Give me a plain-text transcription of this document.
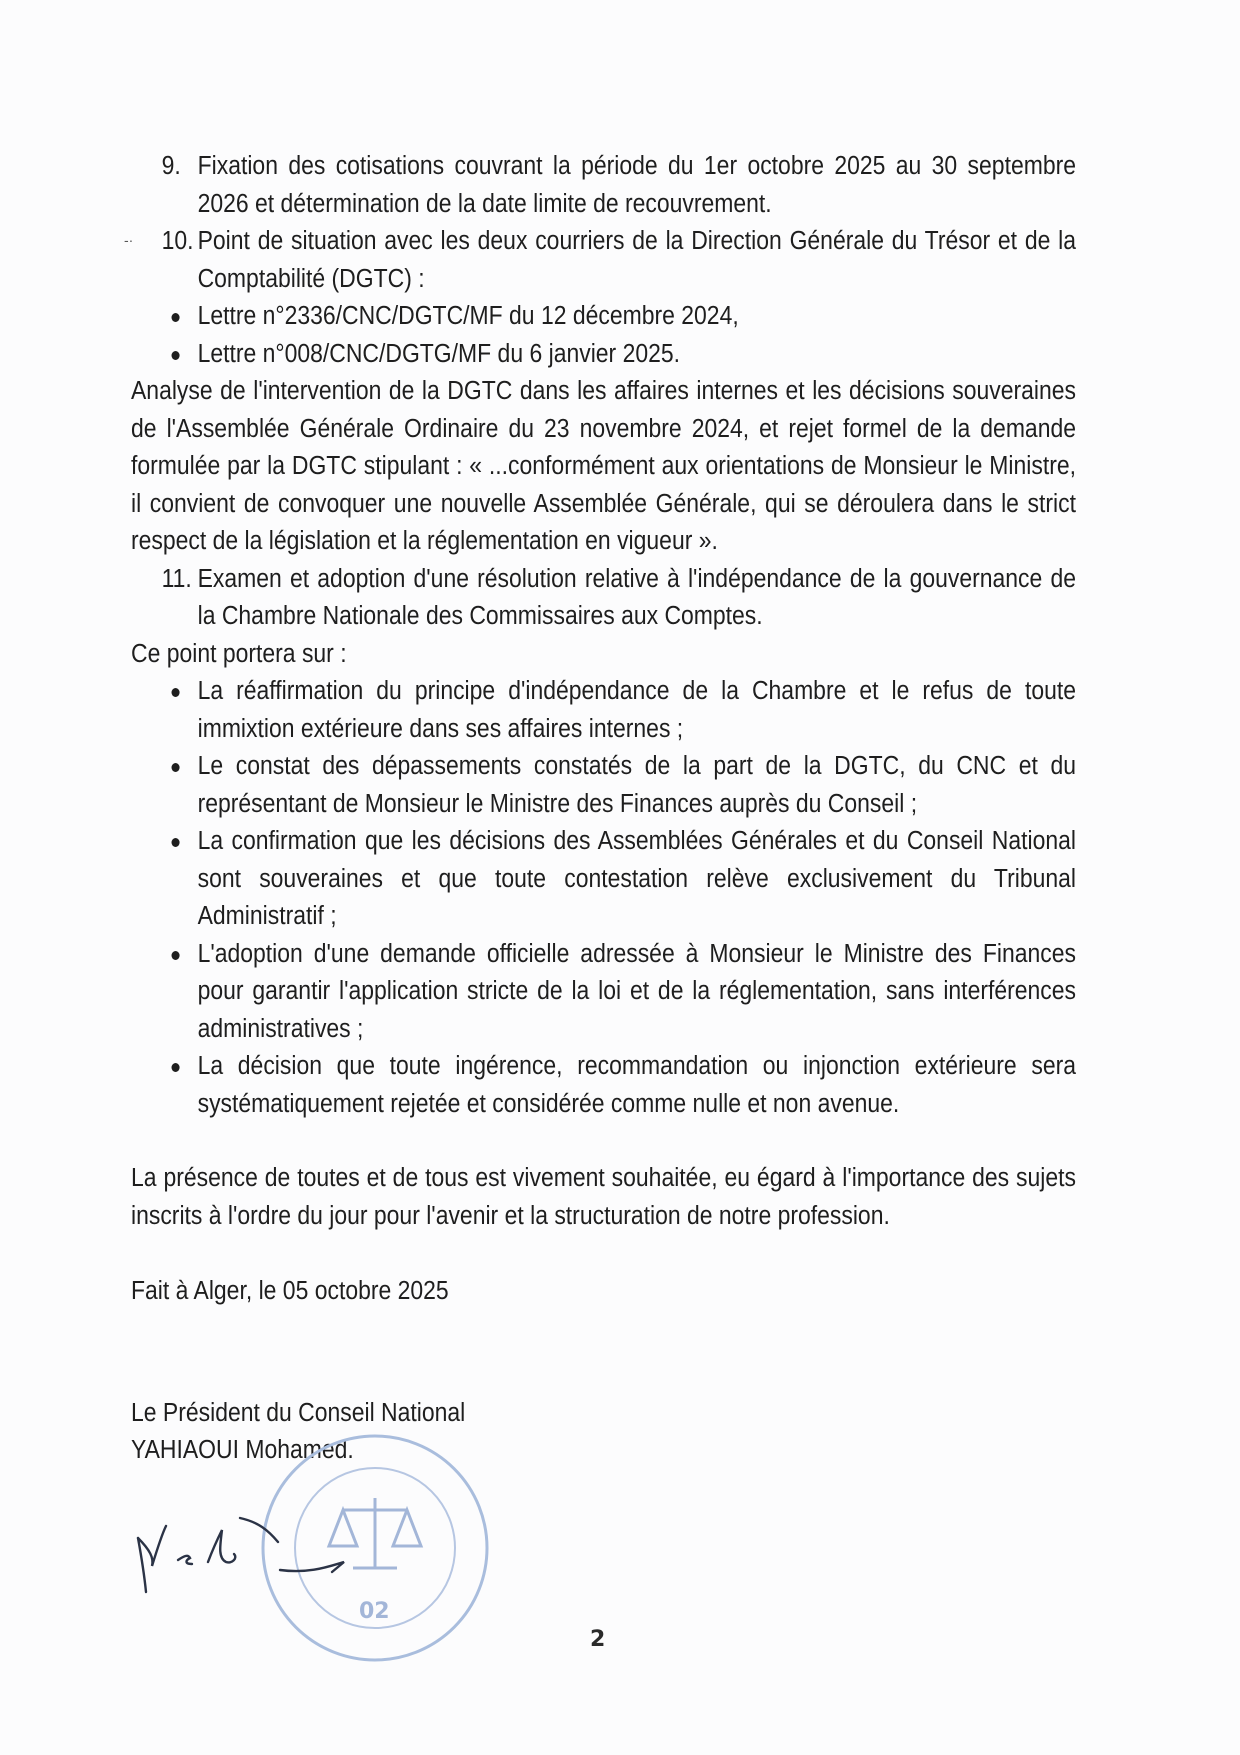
-·
9. Fixation des cotisations couvrant la période du 1er octobre 2025 au 30 septembre 2026 et détermination de la date limite de recouvrement.
10. Point de situation avec les deux courriers de la Direction Générale du Trésor et de la Comptabilité (DGTC) :
Lettre n°2336/CNC/DGTC/MF du 12 décembre 2024,
Lettre n°008/CNC/DGTG/MF du 6 janvier 2025.

Analyse de l'intervention de la DGTC dans les affaires internes et les décisions souveraines de l'Assemblée Générale Ordinaire du 23 novembre 2024, et rejet formel de la demande formulée par la DGTC stipulant : « ...conformément aux orientations de Monsieur le Ministre, il convient de convoquer une nouvelle Assemblée Générale, qui se déroulera dans le strict respect de la législation et la réglementation en vigueur ».

11. Examen et adoption d'une résolution relative à l'indépendance de la gouvernance de la Chambre Nationale des Commissaires aux Comptes.

Ce point portera sur :

La réaffirmation du principe d'indépendance de la Chambre et le refus de toute immixtion extérieure dans ses affaires internes ;
Le constat des dépassements constatés de la part de la DGTC, du CNC et du représentant de Monsieur le Ministre des Finances auprès du Conseil ;
La confirmation que les décisions des Assemblées Générales et du Conseil National sont souveraines et que toute contestation relève exclusivement du Tribunal Administratif ;
L'adoption d'une demande officielle adressée à Monsieur le Ministre des Finances pour garantir l'application stricte de la loi et de la réglementation, sans interférences administratives ;
La décision que toute ingérence, recommandation ou injonction extérieure sera systématiquement rejetée et considérée comme nulle et non avenue.

La présence de toutes et de tous est vivement souhaitée, eu égard à l'importance des sujets inscrits à l'ordre du jour pour l'avenir et la structuration de notre profession.

Fait à Alger, le 05 octobre 2025

Le Président du Conseil National
YAHIAOUI Mohamed.
02
2
